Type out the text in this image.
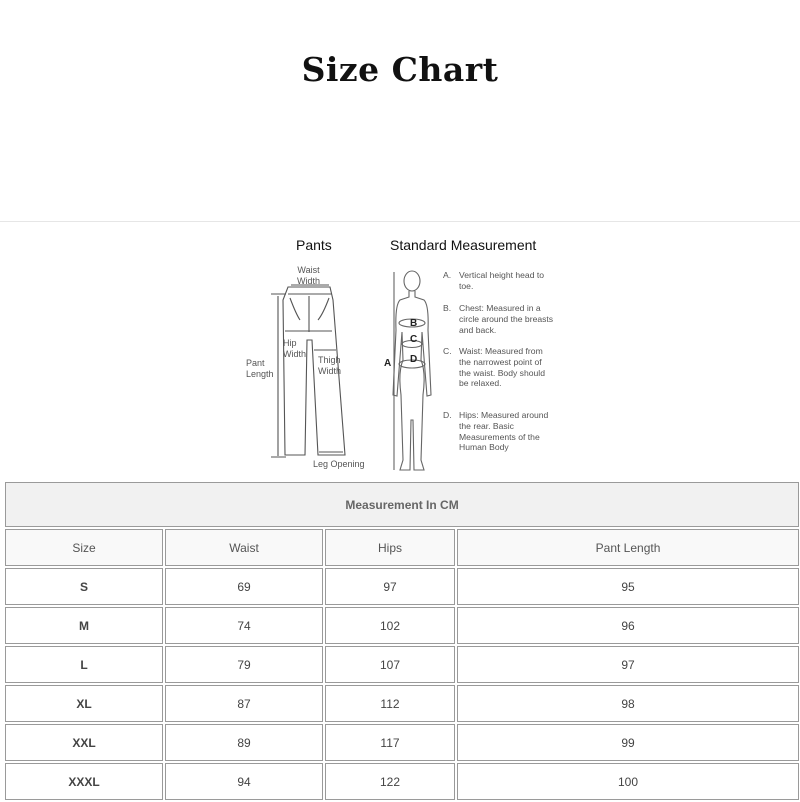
Size Chart
Pants	Standard Measurement
Waist
Width
Hip
Width
Thigh
Width
Pant
Length
Leg Opening
A
B
C
D
A. Vertical height head to toe.
B. Chest: Measured in a circle around the breasts and back.
C. Waist: Measured from the narrowest point of the waist. Body should be relaxed.
D. Hips: Measured around the rear. Basic Measurements of the Human Body
Measurement In CM			
Size	Waist	Hips	Pant Length
S	69	97	95
M	74	102	96
L	79	107	97
XL	87	112	98
XXL	89	117	99
XXXL	94	122	100
